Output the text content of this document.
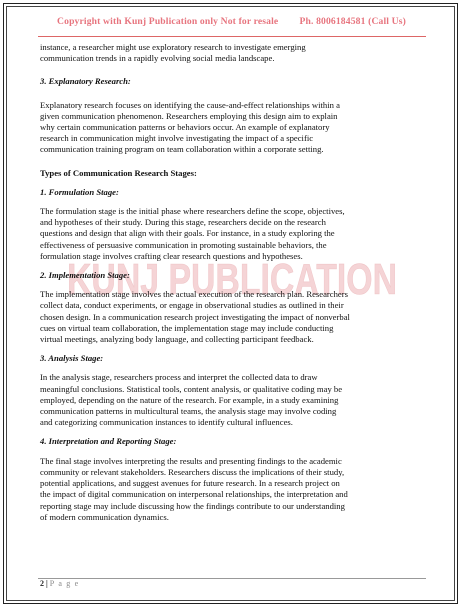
Copyright with Kunj Publication only Not for resale Ph. 8006184581 (Call Us)
KUNJ PUBLICATION
instance, a researcher might use exploratory research to investigate emerging
communication trends in a rapidly evolving social media landscape.

3. Explanatory Research:

Explanatory research focuses on identifying the cause-and-effect relationships within a
given communication phenomenon. Researchers employing this design aim to explain
why certain communication patterns or behaviors occur. An example of explanatory
research in communication might involve investigating the impact of a specific
communication training program on team collaboration within a corporate setting.

Types of Communication Research Stages:

1. Formulation Stage:

The formulation stage is the initial phase where researchers define the scope, objectives,
and hypotheses of their study. During this stage, researchers decide on the research
questions and design that align with their goals. For instance, in a study exploring the
effectiveness of persuasive communication in promoting sustainable behaviors, the
formulation stage involves crafting clear research questions and hypotheses.

2. Implementation Stage:

The implementation stage involves the actual execution of the research plan. Researchers
collect data, conduct experiments, or engage in observational studies as outlined in their
chosen design. In a communication research project investigating the impact of nonverbal
cues on virtual team collaboration, the implementation stage may include conducting
virtual meetings, analyzing body language, and collecting participant feedback.

3. Analysis Stage:

In the analysis stage, researchers process and interpret the collected data to draw
meaningful conclusions. Statistical tools, content analysis, or qualitative coding may be
employed, depending on the nature of the research. For example, in a study examining
communication patterns in multicultural teams, the analysis stage may involve coding
and categorizing communication instances to identify cultural influences.

4. Interpretation and Reporting Stage:

The final stage involves interpreting the results and presenting findings to the academic
community or relevant stakeholders. Researchers discuss the implications of their study,
potential applications, and suggest avenues for future research. In a research project on
the impact of digital communication on interpersonal relationships, the interpretation and
reporting stage may include discussing how the findings contribute to our understanding
of modern communication dynamics.
2 | P a g e
